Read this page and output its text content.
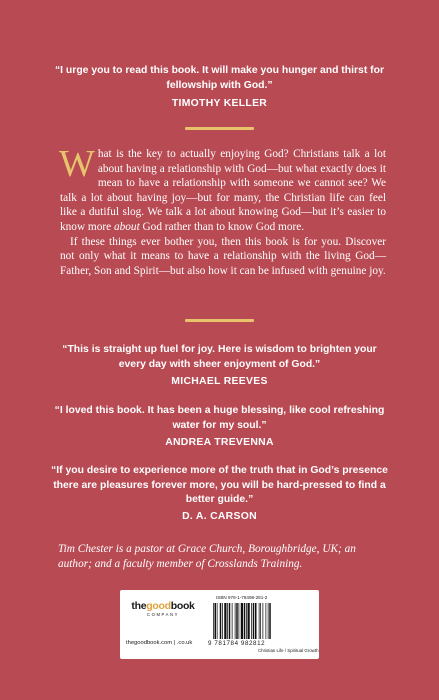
“I urge you to read this book. It will make you hunger and thirst for fellowship with God.”
TIMOTHY KELLER

What is the key to actually enjoying God? Christians talk a lot about having a relationship with God—but what exactly does it mean to have a relationship with someone we cannot see? We talk a lot about having joy—but for many, the Christian life can feel like a dutiful slog. We talk a lot about knowing God—but it’s easier to know more about God rather than to know God more.

If these things ever bother you, then this book is for you. Discover not only what it means to have a relationship with the living God—Father, Son and Spirit—but also how it can be infused with genuine joy.

“This is straight up fuel for joy. Here is wisdom to brighten your every day with sheer enjoyment of God.”
MICHAEL REEVES
“I loved this book. It has been a huge blessing, like cool refreshing water for my soul.”
ANDREA TREVENNA
“If you desire to experience more of the truth that in God’s presence there are pleasures forever more, you will be hard-pressed to find a better guide.”
D. A. CARSON
Tim Chester is a pastor at Grace Church, Boroughbridge, UK; an author; and a faculty member of Crosslands Training.
thegoodbook
COMPANY
thegoodbook.com | .co.uk
ISBN 978-1-78498-281-2
9 781784 982812
Christian Life / Spiritual Growth
